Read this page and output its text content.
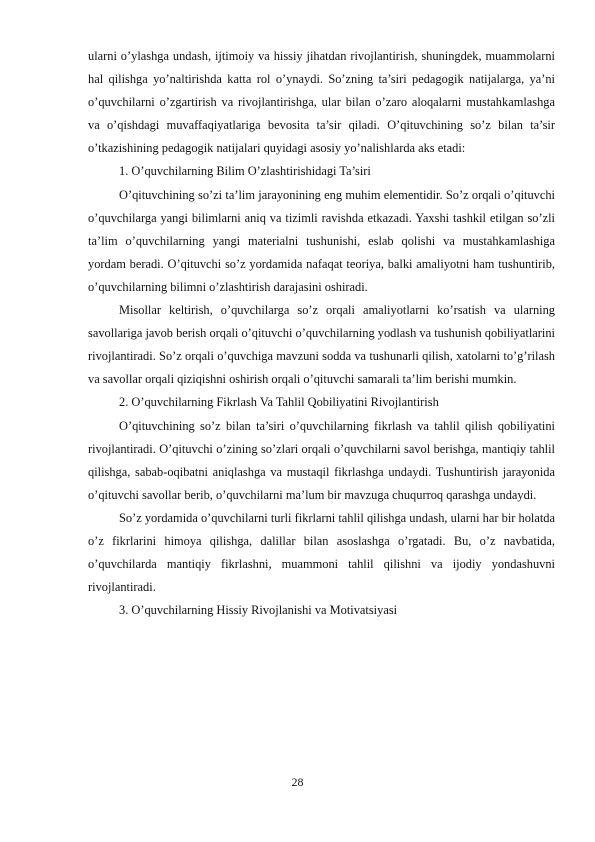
ularni o’ylashga undash, ijtimoiy va hissiy jihatdan rivojlantirish, shuningdek, muammolarni hal qilishga yo’naltirishda katta rol o’ynaydi. So’zning ta’siri pedagogik natijalarga, ya’ni o’quvchilarni o’zgartirish va rivojlantirishga, ular bilan o’zaro aloqalarni mustahkamlashga va o’qishdagi muvaffaqiyatlariga bevosita ta’sir qiladi. O’qituvchining so’z bilan ta’sir o’tkazishining pedagogik natijalari quyidagi asosiy yo’nalishlarda aks etadi:

1. O’quvchilarning Bilim O’zlashtirishidagi Ta’siri

O’qituvchining so’zi ta’lim jarayonining eng muhim elementidir. So’z orqali o’qituvchi o’quvchilarga yangi bilimlarni aniq va tizimli ravishda etkazadi. Yaxshi tashkil etilgan so’zli ta’lim o’quvchilarning yangi materialni tushunishi, eslab qolishi va mustahkamlashiga yordam beradi. O’qituvchi so’z yordamida nafaqat teoriya, balki amaliyotni ham tushuntirib, o’quvchilarning bilimni o’zlashtirish darajasini oshiradi.

Misollar keltirish, o’quvchilarga so’z orqali amaliyotlarni ko’rsatish va ularning savollariga javob berish orqali o’qituvchi o’quvchilarning yodlash va tushunish qobiliyatlarini rivojlantiradi. So’z orqali o’quvchiga mavzuni sodda va tushunarli qilish, xatolarni to’g’rilash va savollar orqali qiziqishni oshirish orqali o’qituvchi samarali ta’lim berishi mumkin.

2. O’quvchilarning Fikrlash Va Tahlil Qobiliyatini Rivojlantirish

O’qituvchining so’z bilan ta’siri o’quvchilarning fikrlash va tahlil qilish qobiliyatini rivojlantiradi. O’qituvchi o’zining so’zlari orqali o’quvchilarni savol berishga, mantiqiy tahlil qilishga, sabab-oqibatni aniqlashga va mustaqil fikrlashga undaydi. Tushuntirish jarayonida o’qituvchi savollar berib, o’quvchilarni ma’lum bir mavzuga chuqurroq qarashga undaydi.

So’z yordamida o’quvchilarni turli fikrlarni tahlil qilishga undash, ularni har bir holatda o’z fikrlarini himoya qilishga, dalillar bilan asoslashga o’rgatadi. Bu, o’z navbatida, o’quvchilarda mantiqiy fikrlashni, muammoni tahlil qilishni va ijodiy yondashuvni rivojlantiradi.

3. O’quvchilarning Hissiy Rivojlanishi va Motivatsiyasi

28
